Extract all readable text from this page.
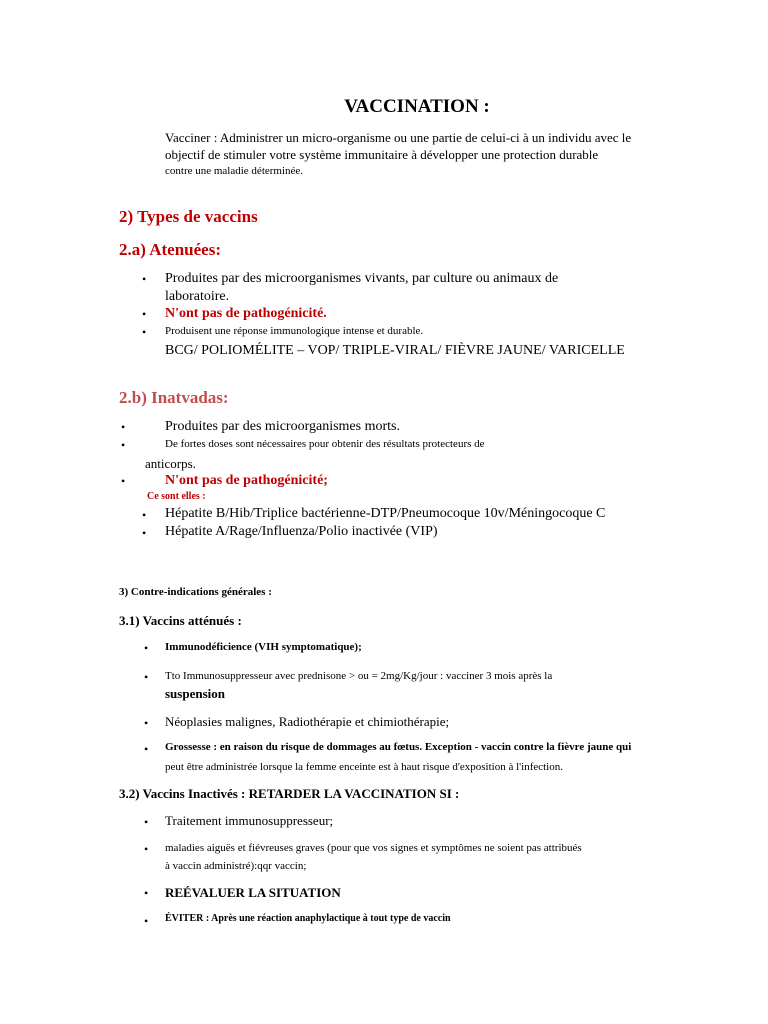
VACCINATION :
Vacciner : Administrer un micro-organisme ou une partie de celui-ci à un individu avec le
objectif de stimuler votre système immunitaire à développer une protection durable
contre une maladie déterminée.
2) Types de vaccins
2.a) Atenuées:
• Produites par des microorganismes vivants, par culture ou animaux de
laboratoire.
• N'ont pas de pathogénicité.
• Produisent une réponse immunologique intense et durable.
BCG/ POLIOMÉLITE – VOP/ TRIPLE-VIRAL/ FIÈVRE JAUNE/ VARICELLE
2.b) Inatvadas:
•	Produites par des microorganismes morts.
•	De fortes doses sont nécessaires pour obtenir des résultats protecteurs de
anticorps.
•	N'ont pas de pathogénicité;
Ce sont elles :
• Hépatite B/Hib/Triplice bactérienne-DTP/Pneumocoque 10v/Méningocoque C
• Hépatite A/Rage/Influenza/Polio inactivée (VIP)
3) Contre-indications générales :
3.1) Vaccins atténués :
• Immunodéficience (VIH symptomatique);
• Tto Immunosuppresseur avec prednisone > ou = 2mg/Kg/jour : vacciner 3 mois après la
suspension
• Néoplasies malignes, Radiothérapie et chimiothérapie;
• Grossesse : en raison du risque de dommages au fœtus. Exception - vaccin contre la fièvre jaune qui
peut être administrée lorsque la femme enceinte est à haut risque d'exposition à l'infection.
3.2) Vaccins Inactivés : RETARDER LA VACCINATION SI :
• Traitement immunosuppresseur;
• maladies aiguës et fiévreuses graves (pour que vos signes et symptômes ne soient pas attribués
à vaccin administré):qqr vaccin;
• REÉVALUER LA SITUATION
• ÉVITER : Après une réaction anaphylactique à tout type de vaccin
